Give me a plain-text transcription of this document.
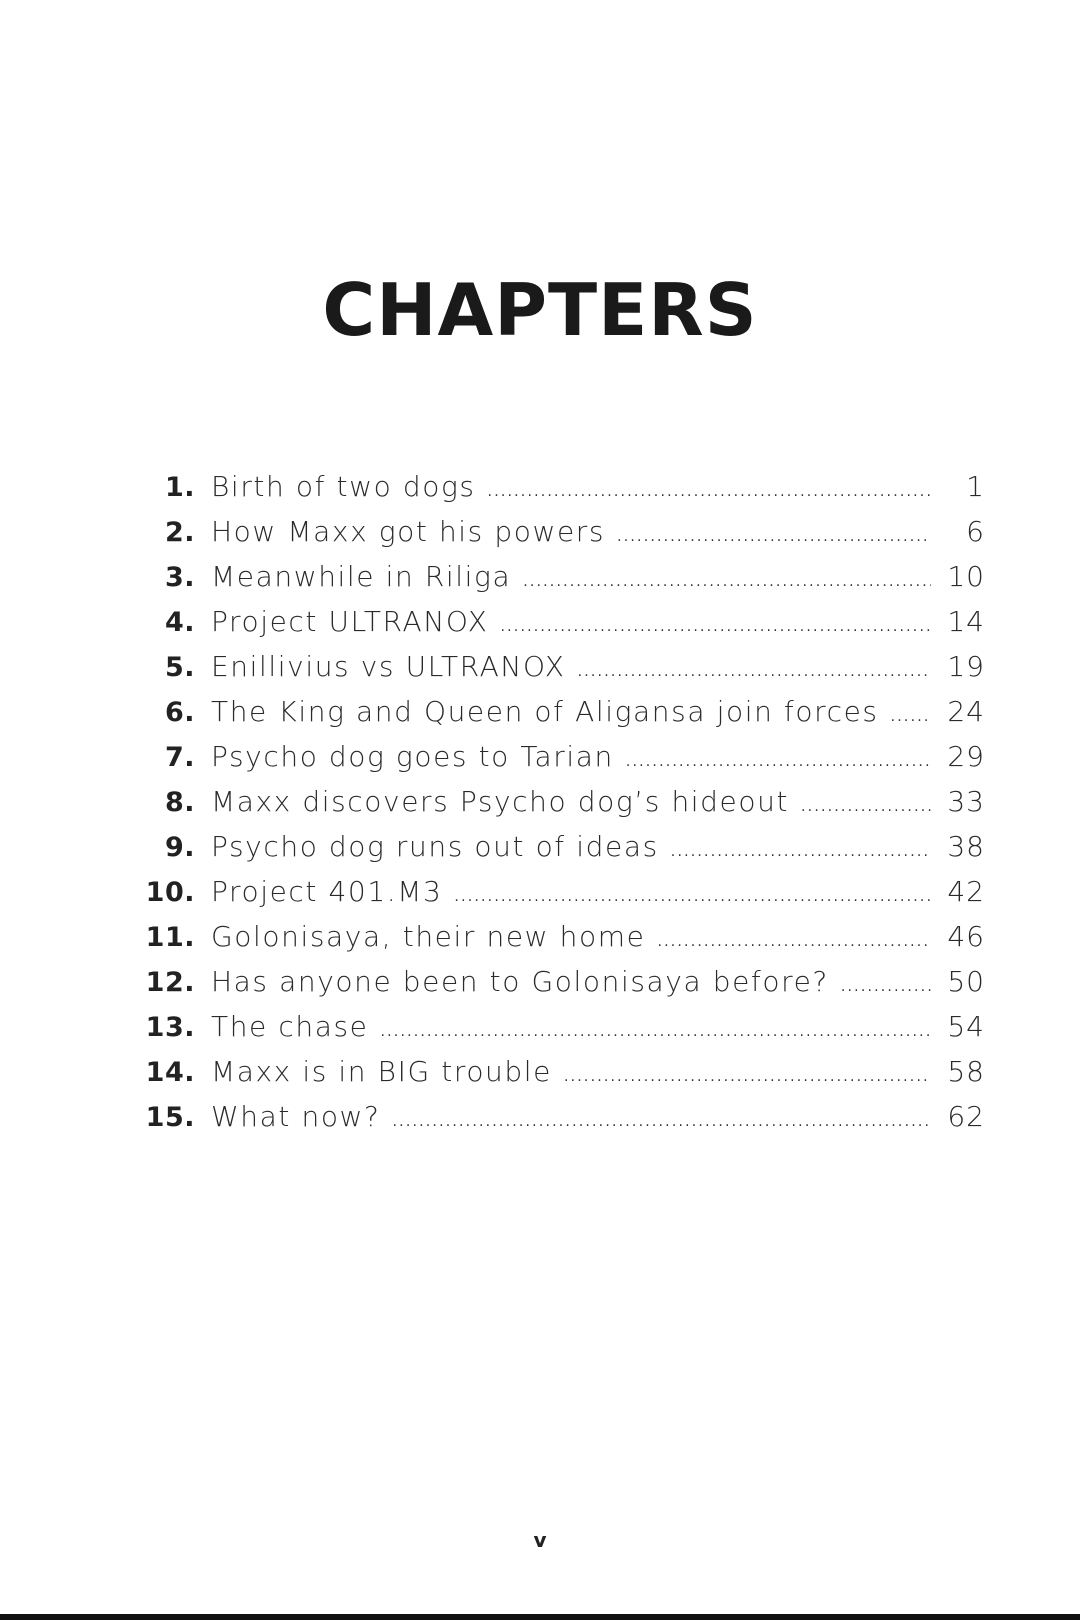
CHAPTERS
1. Birth of two dogs .....	1
2. How Maxx got his powers .....	6
3. Meanwhile in Riliga .....	10
4. Project ULTRANOX .....	14
5. Enillivius vs ULTRANOX .....	19
6. The King and Queen of Aligansa join forces ..... 24
7. Psycho dog goes to Tarian .....	29
8. Maxx discovers Psycho dog’s hideout .....	33
9. Psycho dog runs out of ideas .....	38
10. Project 401.M3 .....	42
11. Golonisaya, their new home .....	46
12. Has anyone been to Golonisaya before? .....	50
13. The chase .....	54
14. Maxx is in BIG trouble .....	58
15. What now? .....	62
v
